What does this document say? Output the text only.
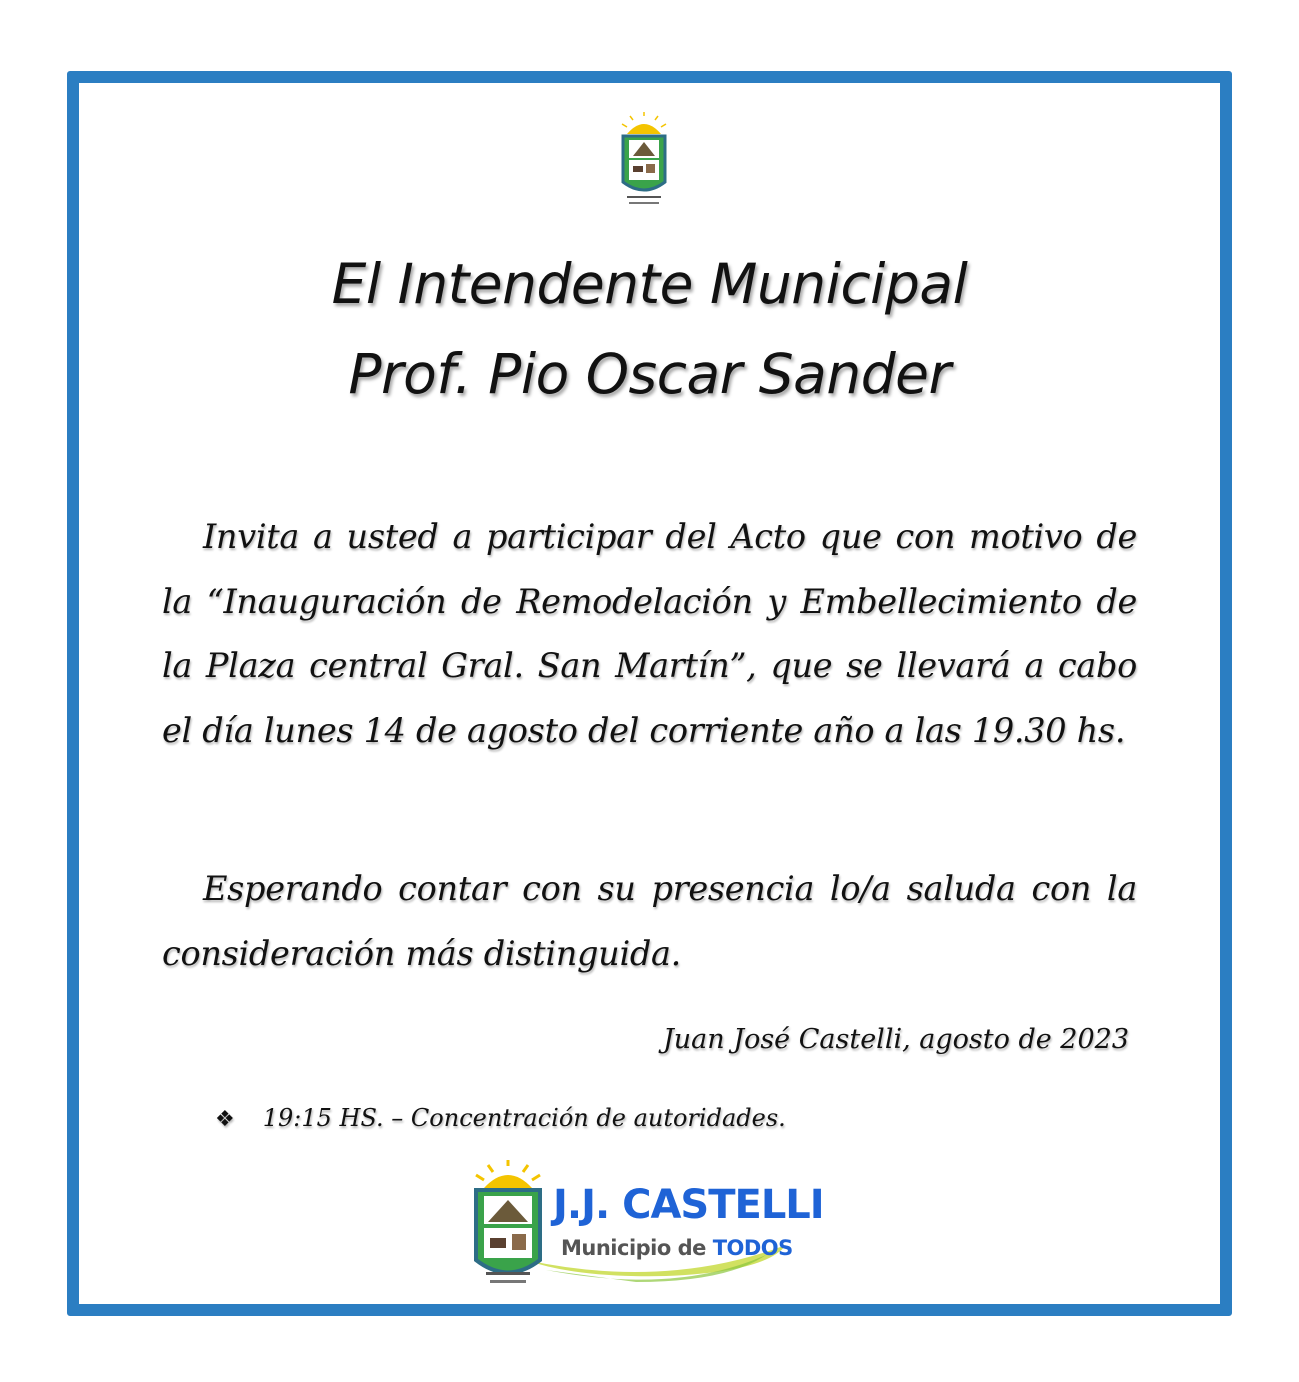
El Intendente Municipal
Prof. Pio Oscar Sander
Invita a usted a participar del Acto que con motivo de la “Inauguración de Remodelación y Embellecimiento de la Plaza central Gral. San Martín”, que se llevará a cabo el día lunes 14 de agosto del corriente año a las 19.30 hs.
Esperando contar con su presencia lo/a saluda con la consideración más distinguida.
Juan José Castelli, agosto de 2023
❖ 19:15 HS. – Concentración de autoridades.
J.J. CASTELLI
Municipio de TODOS
